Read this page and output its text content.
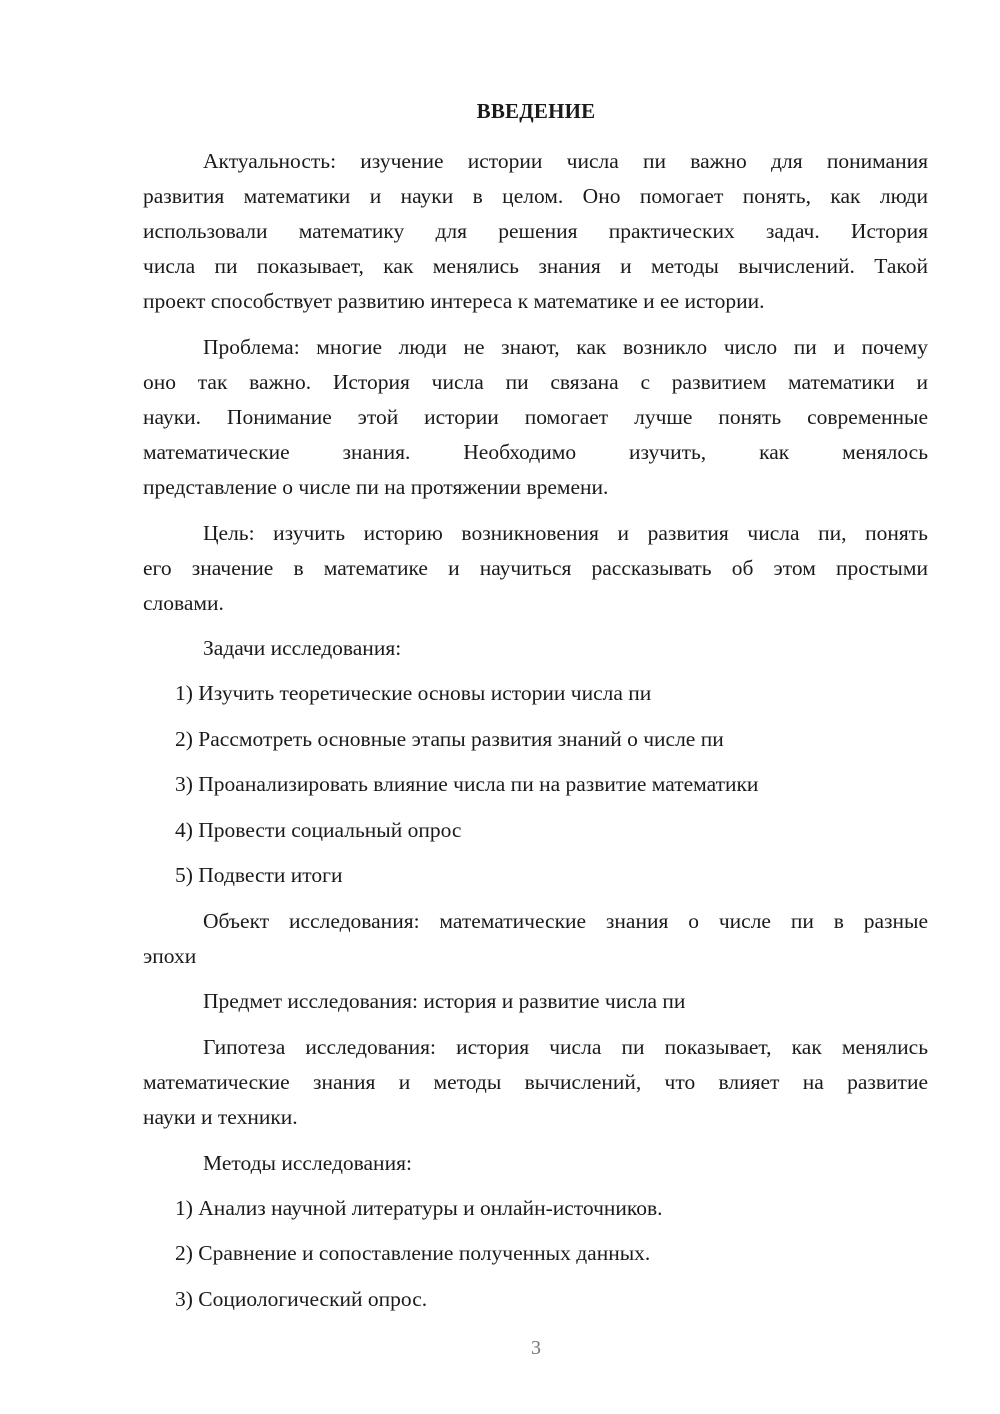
ВВЕДЕНИЕ
Актуальность: изучение истории числа пи важно для понимания
развития математики и науки в целом. Оно помогает понять, как люди
использовали математику для решения практических задач. История
числа пи показывает, как менялись знания и методы вычислений. Такой
проект способствует развитию интереса к математике и ее истории.
Проблема: многие люди не знают, как возникло число пи и почему
оно так важно. История числа пи связана с развитием математики и
науки. Понимание этой истории помогает лучше понять современные
математические знания. Необходимо изучить, как менялось
представление о числе пи на протяжении времени.
Цель: изучить историю возникновения и развития числа пи, понять
его значение в математике и научиться рассказывать об этом простыми
словами.
Задачи исследования:
1) Изучить теоретические основы истории числа пи
2) Рассмотреть основные этапы развития знаний о числе пи
3) Проанализировать влияние числа пи на развитие математики
4) Провести социальный опрос
5) Подвести итоги
Объект исследования: математические знания о числе пи в разные
эпохи
Предмет исследования: история и развитие числа пи
Гипотеза исследования: история числа пи показывает, как менялись
математические знания и методы вычислений, что влияет на развитие
науки и техники.
Методы исследования:
1) Анализ научной литературы и онлайн-источников.
2) Сравнение и сопоставление полученных данных.
3) Социологический опрос.
3
